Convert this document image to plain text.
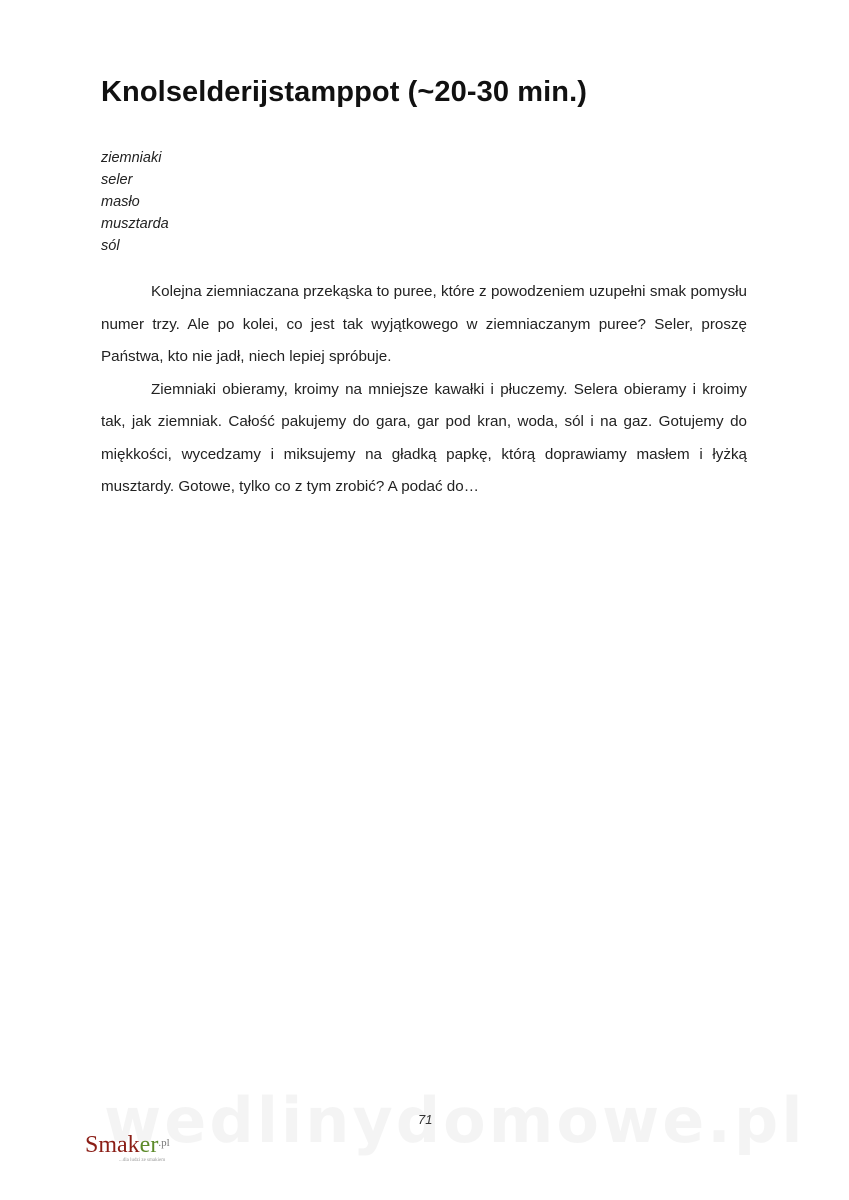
Knolselderijstamppot (~20-30 min.)
ziemniaki
seler
masło
musztarda
sól

Kolejna ziemniaczana przekąska to puree, które z powodzeniem uzupełni smak pomysłu numer trzy. Ale po kolei, co jest tak wyjątkowego w ziemniaczanym puree? Seler, proszę Państwa, kto nie jadł, niech lepiej spróbuje.

Ziemniaki obieramy, kroimy na mniejsze kawałki i płuczemy. Selera obieramy i kroimy tak, jak ziemniak. Całość pakujemy do gara, gar pod kran, woda, sól i na gaz. Gotujemy do miękkości, wycedzamy i miksujemy na gładką papkę, którą doprawiamy masłem i łyżką musztardy. Gotowe, tylko co z tym zrobić? A podać do…

71
Smaker$^{.pl}$
...dla ludzi ze smakiem
